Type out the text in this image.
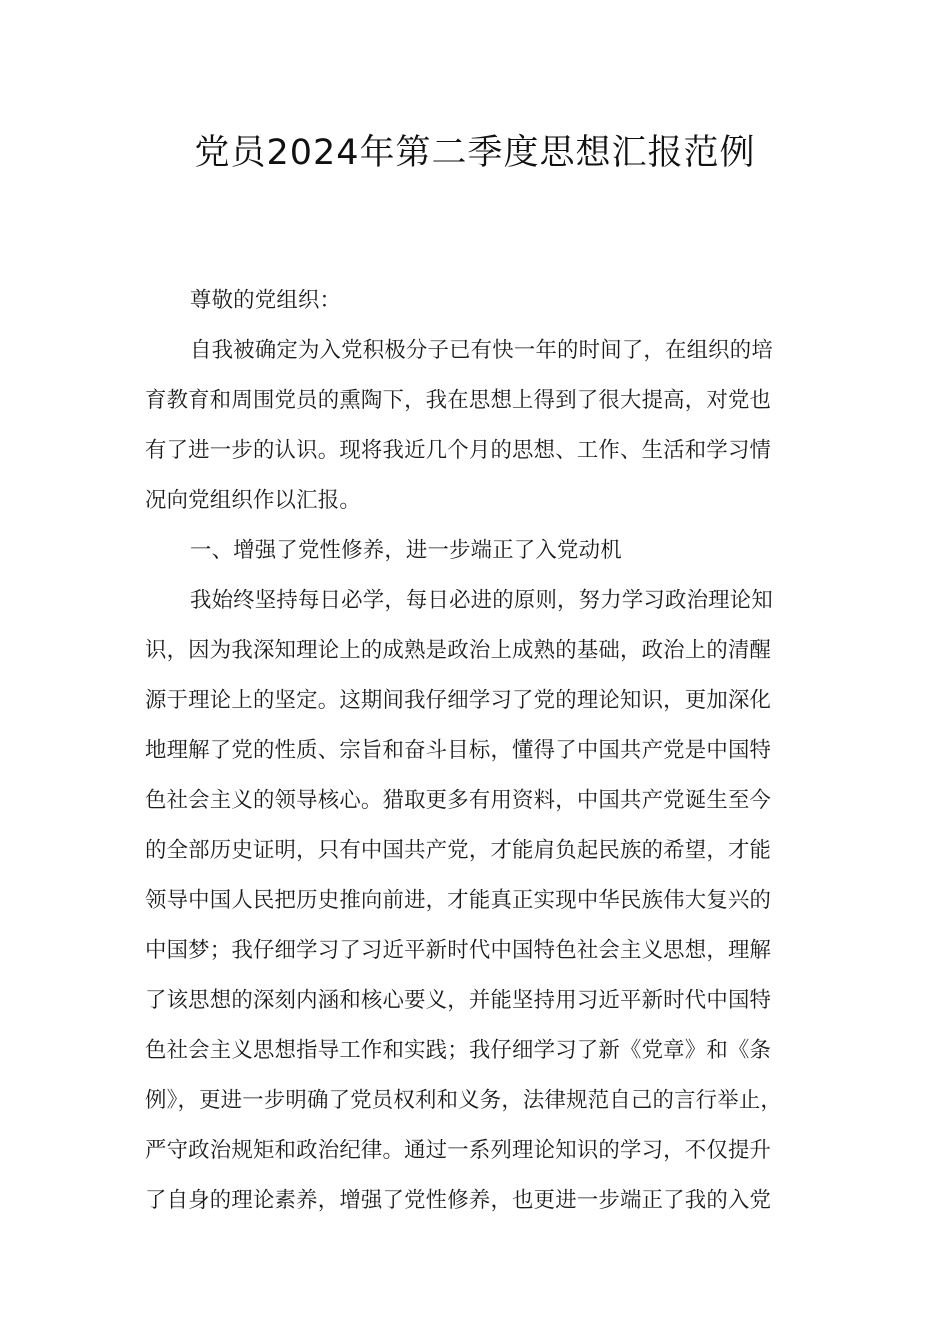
党员2024年第二季度思想汇报范例
尊敬的党组织：
自我被确定为入党积极分子已有快一年的时间了，在组织的培
育教育和周围党员的熏陶下，我在思想上得到了很大提高，对党也
有了进一步的认识。现将我近几个月的思想、工作、生活和学习情
况向党组织作以汇报。
一、增强了党性修养，进一步端正了入党动机
我始终坚持每日必学，每日必进的原则，努力学习政治理论知
识，因为我深知理论上的成熟是政治上成熟的基础，政治上的清醒
源于理论上的坚定。这期间我仔细学习了党的理论知识，更加深化
地理解了党的性质、宗旨和奋斗目标，懂得了中国共产党是中国特
色社会主义的领导核心。猎取更多有用资料，中国共产党诞生至今
的全部历史证明，只有中国共产党，才能肩负起民族的希望，才能
领导中国人民把历史推向前进，才能真正实现中华民族伟大复兴的
中国梦；我仔细学习了习近平新时代中国特色社会主义思想，理解
了该思想的深刻内涵和核心要义，并能坚持用习近平新时代中国特
色社会主义思想指导工作和实践；我仔细学习了新《党章》和《条
例》，更进一步明确了党员权利和义务，法律规范自己的言行举止，
严守政治规矩和政治纪律。通过一系列理论知识的学习，不仅提升
了自身的理论素养，增强了党性修养，也更进一步端正了我的入党
